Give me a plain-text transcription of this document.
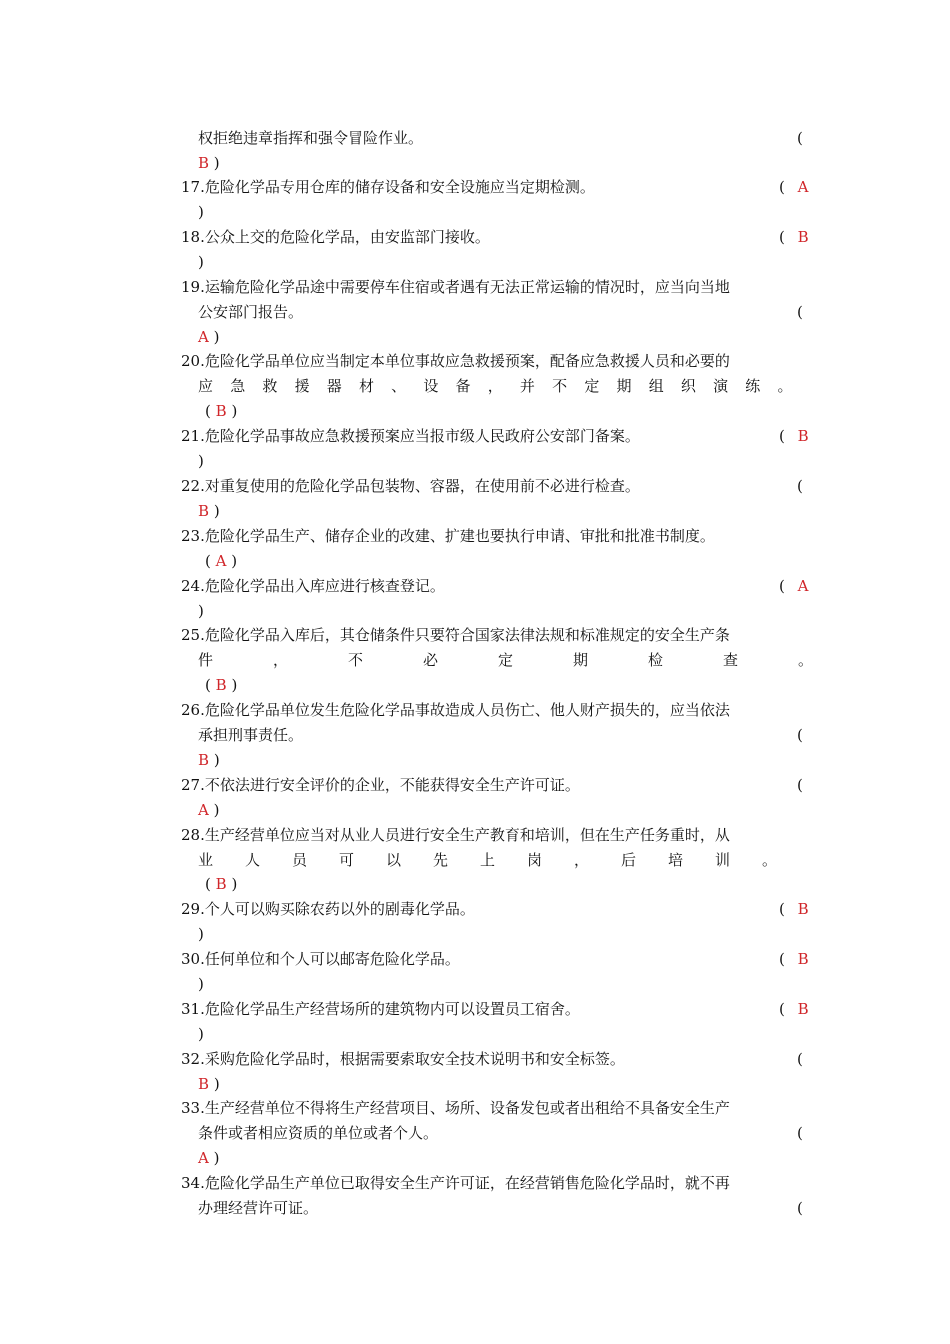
权拒绝违章指挥和强令冒险作业。	(
B )
17.危险化学品专用仓库的储存设备和安全设施应当定期检测。	( A
)
18.公众上交的危险化学品，由安监部门接收。	( B
)
19.运输危险化学品途中需要停车住宿或者遇有无法正常运输的情况时，应当向当地
公安部门报告。	(
A )
20.危险化学品单位应当制定本单位事故应急救援预案，配备应急救援人员和必要的
应急救援器材、设备，并不定期组织演练。
( B )
21.危险化学品事故应急救援预案应当报市级人民政府公安部门备案。	( B
)
22.对重复使用的危险化学品包装物、容器，在使用前不必进行检查。	(
B )
23.危险化学品生产、储存企业的改建、扩建也要执行申请、审批和批准书制度。
( A )
24.危险化学品出入库应进行核查登记。	( A
)
25.危险化学品入库后，其仓储条件只要符合国家法律法规和标准规定的安全生产条
件，不必定期检查。
( B )
26.危险化学品单位发生危险化学品事故造成人员伤亡、他人财产损失的，应当依法
承担刑事责任。	(
B )
27.不依法进行安全评价的企业，不能获得安全生产许可证。	(
A )
28.生产经营单位应当对从业人员进行安全生产教育和培训，但在生产任务重时，从
业人员可以先上岗，后培训。
( B )
29.个人可以购买除农药以外的剧毒化学品。	( B
)
30.任何单位和个人可以邮寄危险化学品。	( B
)
31.危险化学品生产经营场所的建筑物内可以设置员工宿舍。	( B
)
32.采购危险化学品时，根据需要索取安全技术说明书和安全标签。	(
B )
33.生产经营单位不得将生产经营项目、场所、设备发包或者出租给不具备安全生产
条件或者相应资质的单位或者个人。	(
A )
34.危险化学品生产单位已取得安全生产许可证，在经营销售危险化学品时，就不再
办理经营许可证。	(
